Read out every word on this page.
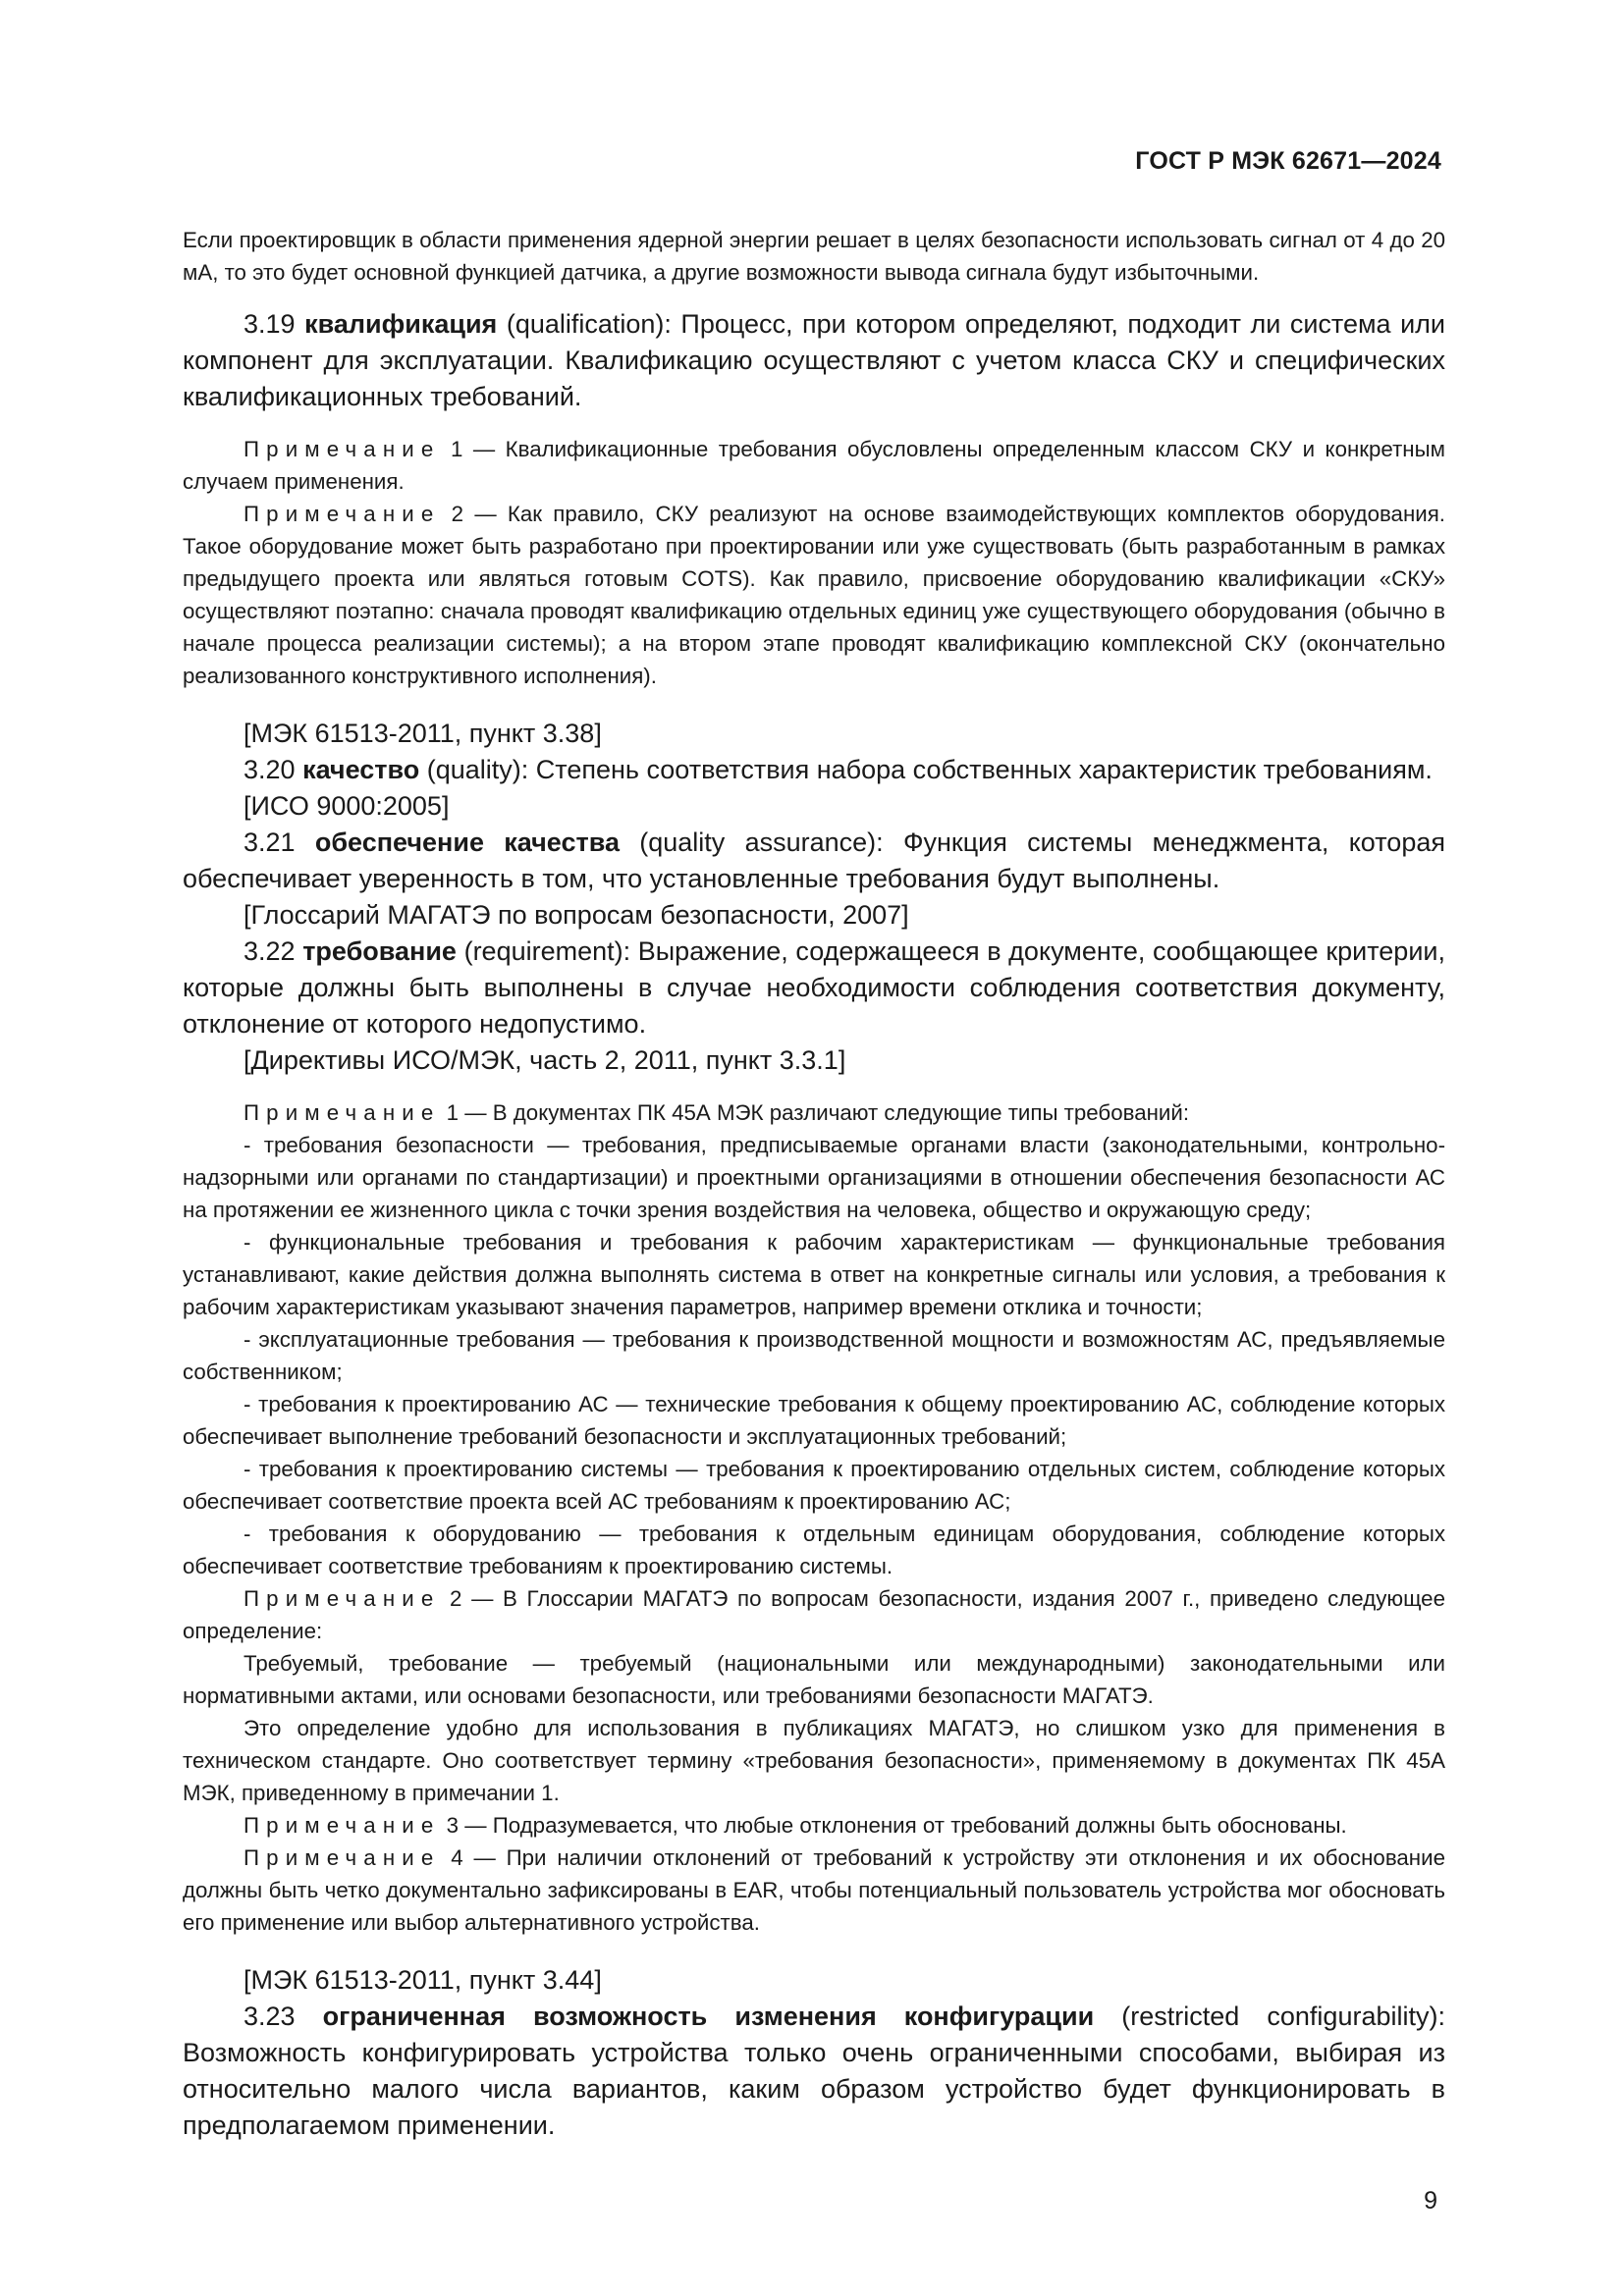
ГОСТ Р МЭК 62671—2024

Если проектировщик в области применения ядерной энергии решает в целях безопасности использовать сигнал от 4 до 20 мА, то это будет основной функцией датчика, а другие возможности вывода сигнала будут избыточными.

3.19 квалификация (qualification): Процесс, при котором определяют, подходит ли система или компонент для эксплуатации. Квалификацию осуществляют с учетом класса СКУ и специфических квалификационных требований.

Примечание 1 — Квалификационные требования обусловлены определенным классом СКУ и конкретным случаем применения.

Примечание 2 — Как правило, СКУ реализуют на основе взаимодействующих комплектов оборудования. Такое оборудование может быть разработано при проектировании или уже существовать (быть разработанным в рамках предыдущего проекта или являться готовым COTS). Как правило, присвоение оборудованию квалификации «СКУ» осуществляют поэтапно: сначала проводят квалификацию отдельных единиц уже существующего оборудования (обычно в начале процесса реализации системы); а на втором этапе проводят квалификацию комплексной СКУ (окончательно реализованного конструктивного исполнения).

[МЭК 61513-2011, пункт 3.38]

3.20 качество (quality): Степень соответствия набора собственных характеристик требованиям.

[ИСО 9000:2005]

3.21 обеспечение качества (quality assurance): Функция системы менеджмента, которая обеспечивает уверенность в том, что установленные требования будут выполнены.

[Глоссарий МАГАТЭ по вопросам безопасности, 2007]

3.22 требование (requirement): Выражение, содержащееся в документе, сообщающее критерии, которые должны быть выполнены в случае необходимости соблюдения соответствия документу, отклонение от которого недопустимо.

[Директивы ИСО/МЭК, часть 2, 2011, пункт 3.3.1]

Примечание 1 — В документах ПК 45А МЭК различают следующие типы требований:

- требования безопасности — требования, предписываемые органами власти (законодательными, контрольно-надзорными или органами по стандартизации) и проектными организациями в отношении обеспечения безопасности АС на протяжении ее жизненного цикла с точки зрения воздействия на человека, общество и окружающую среду;

- функциональные требования и требования к рабочим характеристикам — функциональные требования устанавливают, какие действия должна выполнять система в ответ на конкретные сигналы или условия, а требования к рабочим характеристикам указывают значения параметров, например времени отклика и точности;

- эксплуатационные требования — требования к производственной мощности и возможностям АС, предъявляемые собственником;

- требования к проектированию АС — технические требования к общему проектированию АС, соблюдение которых обеспечивает выполнение требований безопасности и эксплуатационных требований;

- требования к проектированию системы — требования к проектированию отдельных систем, соблюдение которых обеспечивает соответствие проекта всей АС требованиям к проектированию АС;

- требования к оборудованию — требования к отдельным единицам оборудования, соблюдение которых обеспечивает соответствие требованиям к проектированию системы.

Примечание 2 — В Глоссарии МАГАТЭ по вопросам безопасности, издания 2007 г., приведено следующее определение:

Требуемый, требование — требуемый (национальными или международными) законодательными или нормативными актами, или основами безопасности, или требованиями безопасности МАГАТЭ.

Это определение удобно для использования в публикациях МАГАТЭ, но слишком узко для применения в техническом стандарте. Оно соответствует термину «требования безопасности», применяемому в документах ПК 45А МЭК, приведенному в примечании 1.

Примечание 3 — Подразумевается, что любые отклонения от требований должны быть обоснованы.

Примечание 4 — При наличии отклонений от требований к устройству эти отклонения и их обоснование должны быть четко документально зафиксированы в EAR, чтобы потенциальный пользователь устройства мог обосновать его применение или выбор альтернативного устройства.

[МЭК 61513-2011, пункт 3.44]

3.23 ограниченная возможность изменения конфигурации (restricted configurability): Возможность конфигурировать устройства только очень ограниченными способами, выбирая из относительно малого числа вариантов, каким образом устройство будет функционировать в предполагаемом применении.

9
